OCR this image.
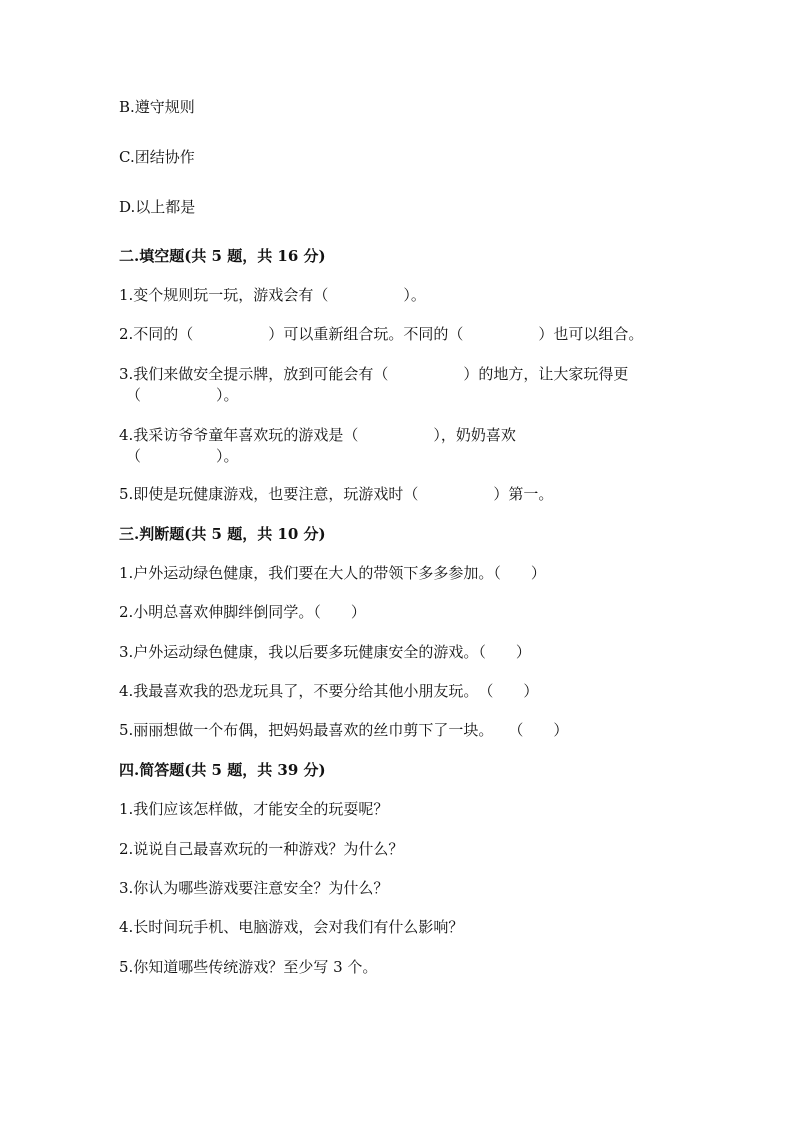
B.遵守规则
C.团结协作
D.以上都是
二.填空题(共 5 题，共 16 分)
1.变个规则玩一玩，游戏会有（　　　　　）。
2.不同的（　　　　　）可以重新组合玩。不同的（　　　　　）也可以组合。
3.我们来做安全提示牌，放到可能会有（　　　　　）的地方，让大家玩得更
（　　　　　）。
4.我采访爷爷童年喜欢玩的游戏是（　　　　　），奶奶喜欢
（　　　　　）。
5.即使是玩健康游戏，也要注意，玩游戏时（　　　　　）第一。
三.判断题(共 5 题，共 10 分)
1.户外运动绿色健康，我们要在大人的带领下多多参加。（　　）
2.小明总喜欢伸脚绊倒同学。（　　）
3.户外运动绿色健康，我以后要多玩健康安全的游戏。（　　）
4.我最喜欢我的恐龙玩具了，不要分给其他小朋友玩。　（　　）
5.丽丽想做一个布偶，把妈妈最喜欢的丝巾剪下了一块。　　（　　）
四.简答题(共 5 题，共 39 分)
1.我们应该怎样做，才能安全的玩耍呢？
2.说说自己最喜欢玩的一种游戏？为什么？
3.你认为哪些游戏要注意安全？为什么？
4.长时间玩手机、电脑游戏，会对我们有什么影响？
5.你知道哪些传统游戏？至少写 3 个。
